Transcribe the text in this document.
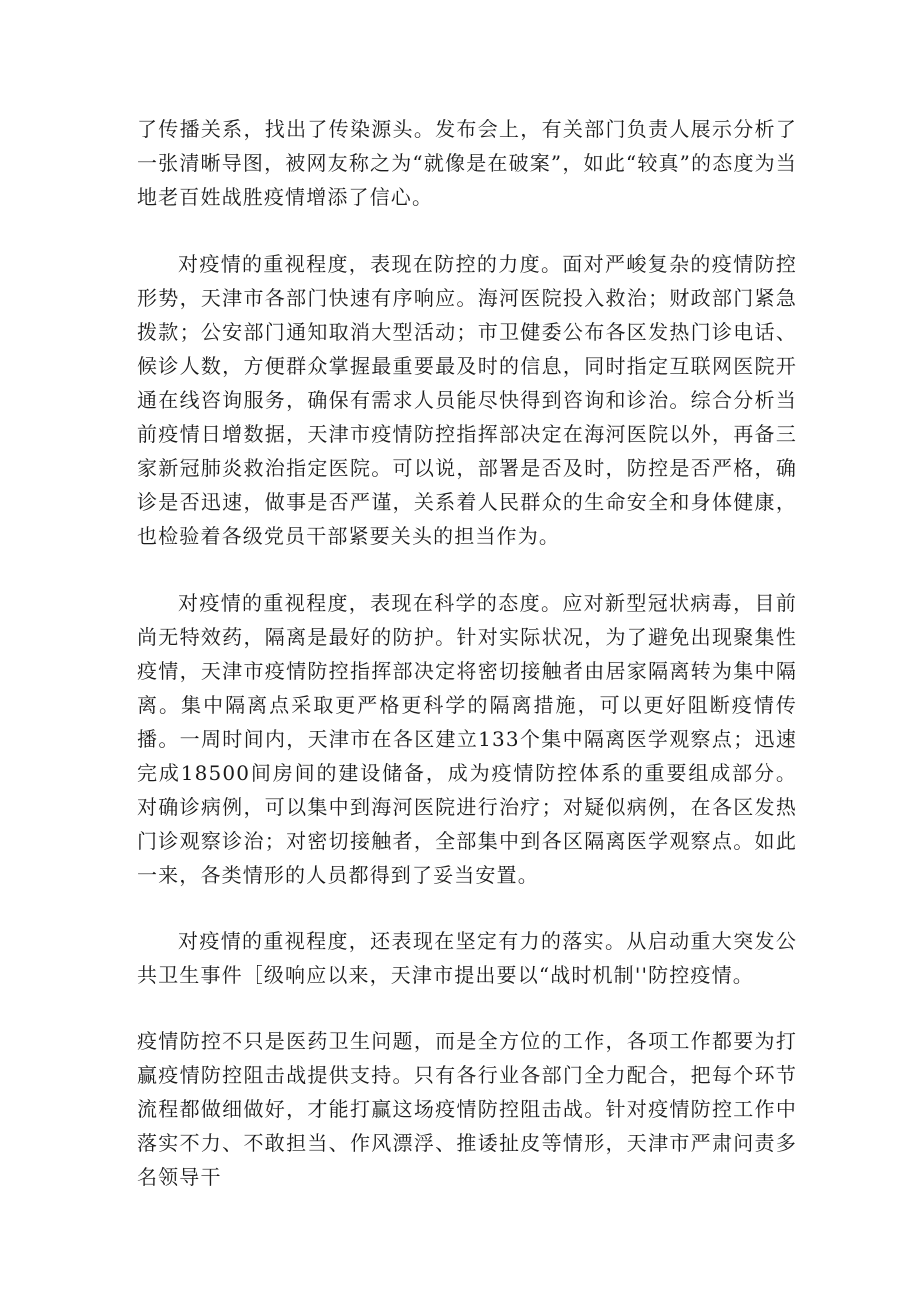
了传播关系，找出了传染源头。发布会上，有关部门负责人展示分析了一张清晰导图，被网友称之为“就像是在破案”，如此“较真”的态度为当地老百姓战胜疫情增添了信心。

对疫情的重视程度，表现在防控的力度。面对严峻复杂的疫情防控形势，天津市各部门快速有序响应。海河医院投入救治；财政部门紧急拨款；公安部门通知取消大型活动；市卫健委公布各区发热门诊电话、候诊人数，方便群众掌握最重要最及时的信息，同时指定互联网医院开通在线咨询服务，确保有需求人员能尽快得到咨询和诊治。综合分析当前疫情日增数据，天津市疫情防控指挥部决定在海河医院以外，再备三家新冠肺炎救治指定医院。可以说，部署是否及时，防控是否严格，确诊是否迅速，做事是否严谨，关系着人民群众的生命安全和身体健康，也检验着各级党员干部紧要关头的担当作为。

对疫情的重视程度，表现在科学的态度。应对新型冠状病毒，目前尚无特效药，隔离是最好的防护。针对实际状况，为了避免出现聚集性疫情，天津市疫情防控指挥部决定将密切接触者由居家隔离转为集中隔离。集中隔离点采取更严格更科学的隔离措施，可以更好阻断疫情传播。一周时间内，天津市在各区建立133个集中隔离医学观察点；迅速完成18500间房间的建设储备，成为疫情防控体系的重要组成部分。对确诊病例，可以集中到海河医院进行治疗；对疑似病例，在各区发热门诊观察诊治；对密切接触者，全部集中到各区隔离医学观察点。如此一来，各类情形的人员都得到了妥当安置。

对疫情的重视程度，还表现在坚定有力的落实。从启动重大突发公共卫生事件［级响应以来，天津市提出要以“战时机制''防控疫情。

疫情防控不只是医药卫生问题，而是全方位的工作，各项工作都要为打赢疫情防控阻击战提供支持。只有各行业各部门全力配合，把每个环节流程都做细做好，才能打赢这场疫情防控阻击战。针对疫情防控工作中落实不力、不敢担当、作风漂浮、推诿扯皮等情形，天津市严肃问责多名领导干
